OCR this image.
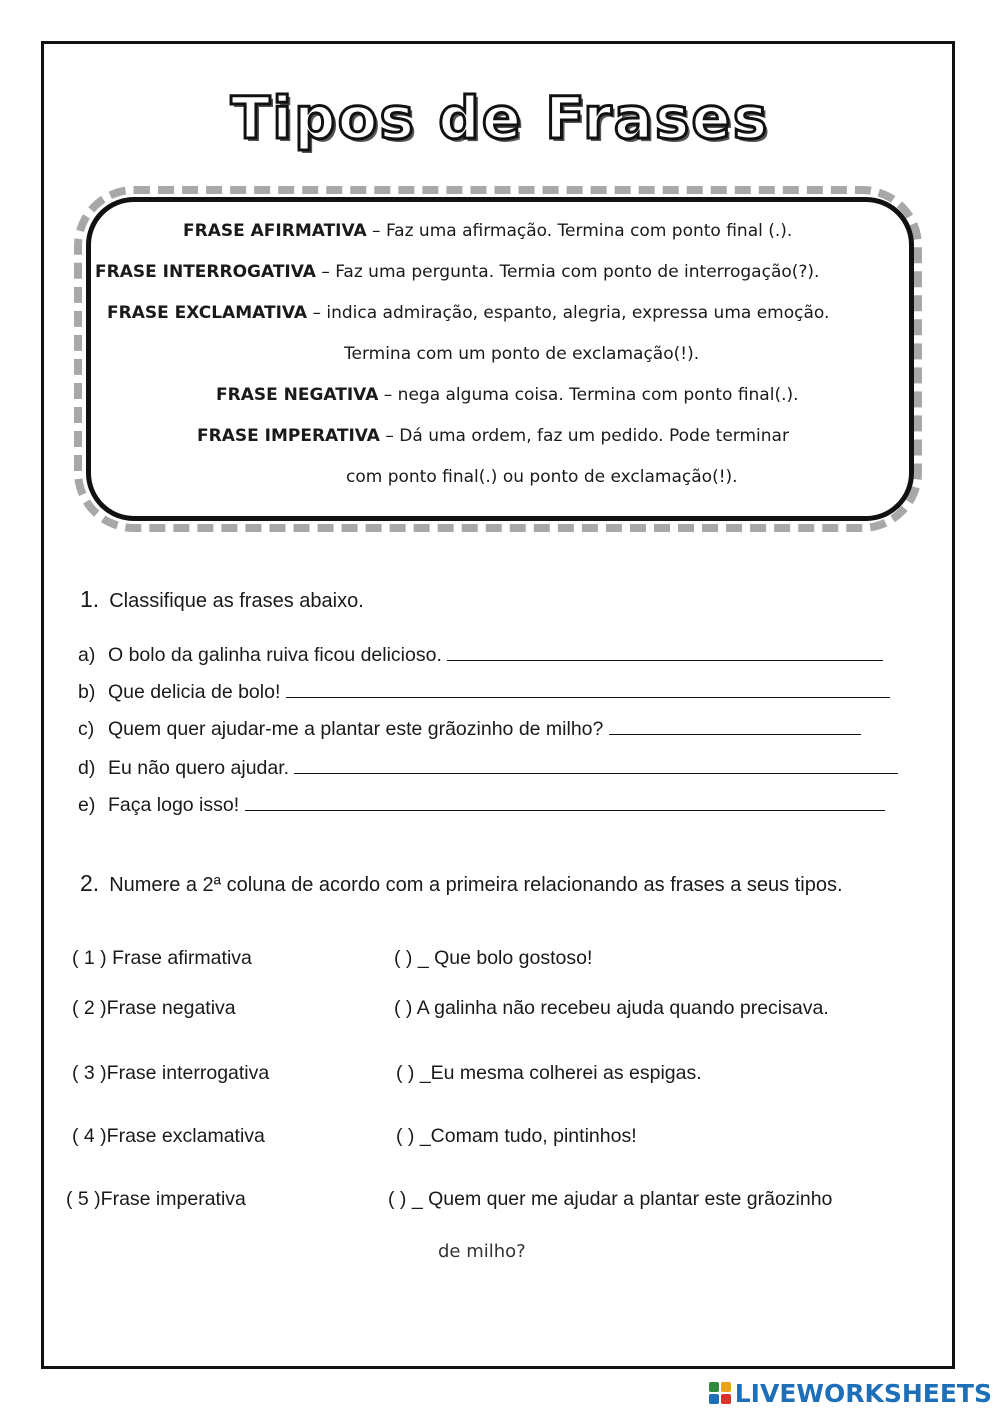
Tipos de Frases
FRASE AFIRMATIVA – Faz uma afirmação. Termina com ponto final (.).
FRASE INTERROGATIVA – Faz uma pergunta. Termia com ponto de interrogação(?).
FRASE EXCLAMATIVA – indica admiração, espanto, alegria, expressa uma emoção.
Termina com um ponto de exclamação(!).
FRASE NEGATIVA – nega alguma coisa. Termina com ponto final(.).
FRASE IMPERATIVA – Dá uma ordem, faz um pedido. Pode terminar
com ponto final(.) ou ponto de exclamação(!).
1. Classifique as frases abaixo.
a) O bolo da galinha ruiva ficou delicioso.
b) Que delicia de bolo!
c) Quem quer ajudar-me a plantar este grãozinho de milho?
d) Eu não quero ajudar.
e) Faça logo isso!
2. Numere a 2ª coluna de acordo com a primeira relacionando as frases a seus tipos.
( 1 ) Frase afirmativa
( 2 )Frase negativa
( 3 )Frase interrogativa
( 4 )Frase exclamativa
( 5 )Frase imperativa
( ) _ Que bolo gostoso!
( ) A galinha não recebeu ajuda quando precisava.
( ) _Eu mesma colherei as espigas.
( ) _Comam tudo, pintinhos!
( ) _ Quem quer me ajudar a plantar este grãozinho
de milho?
LIVEWORKSHEETS
